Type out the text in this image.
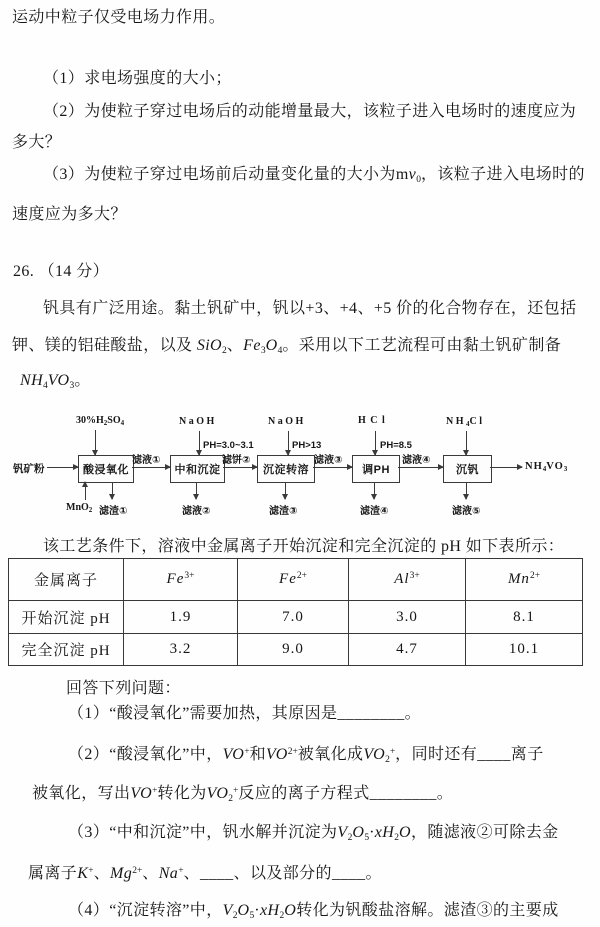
运动中粒子仅受电场力作用。
（1）求电场强度的大小；
（2）为使粒子穿过电场后的动能增量最大，该粒子进入电场时的速度应为
多大？
（3）为使粒子穿过电场前后动量变化量的大小为$mv_0$，该粒子进入电场时的
速度应为多大？
26. （14 分）
钒具有广泛用途。黏土钒矿中，钒以+3、+4、+5 价的化合物存在，还包括
钾、镁的铝硅酸盐，以及 SiO$_2$、$Fe_3O_4$。采用以下工艺流程可由黏土钒矿制备
$NH_4VO_3$。
$30\%H_2SO_4$	NaOH	NaOH	HCl	$NH_4Cl$
PH=3.0~3.1	PH>13	PH=8.5
钒矿粉	酸浸氧化	中和沉淀	沉淀转溶	调PH	沉钒
滤液①	滤饼②	滤液③	滤液④
$NH_4VO_3$
MnO$_2$ 滤渣①	滤液②	滤渣③	滤渣④	滤液⑤
该工艺条件下，溶液中金属离子开始沉淀和完全沉淀的 pH 如下表所示：
金属离子	$Fe^{3+}$	$Fe^{2+}$	$Al^{3+}$	$Mn^{2+}$
开始沉淀 pH	1.9	7.0	3.0	8.1
完全沉淀 pH	3.2	9.0	4.7	10.1
回答下列问题：
（1）“酸浸氧化”需要加热，其原因是________。
（2）“酸浸氧化”中，VO+和$VO^{2+}$被氧化成$VO_2^+$，同时还有____离子
被氧化，写出VO+转化为$VO_2^+$反应的离子方程式________。
（3）“中和沉淀”中，钒水解并沉淀为$V_2O_5\cdot xH_2O$，随滤液②可除去金
属离子K+、$Mg^{2+}$、Na+、____、以及部分的____。
（4）“沉淀转溶”中，$V_2O_5\cdot xH_2O$转化为钒酸盐溶解。滤渣③的主要成
